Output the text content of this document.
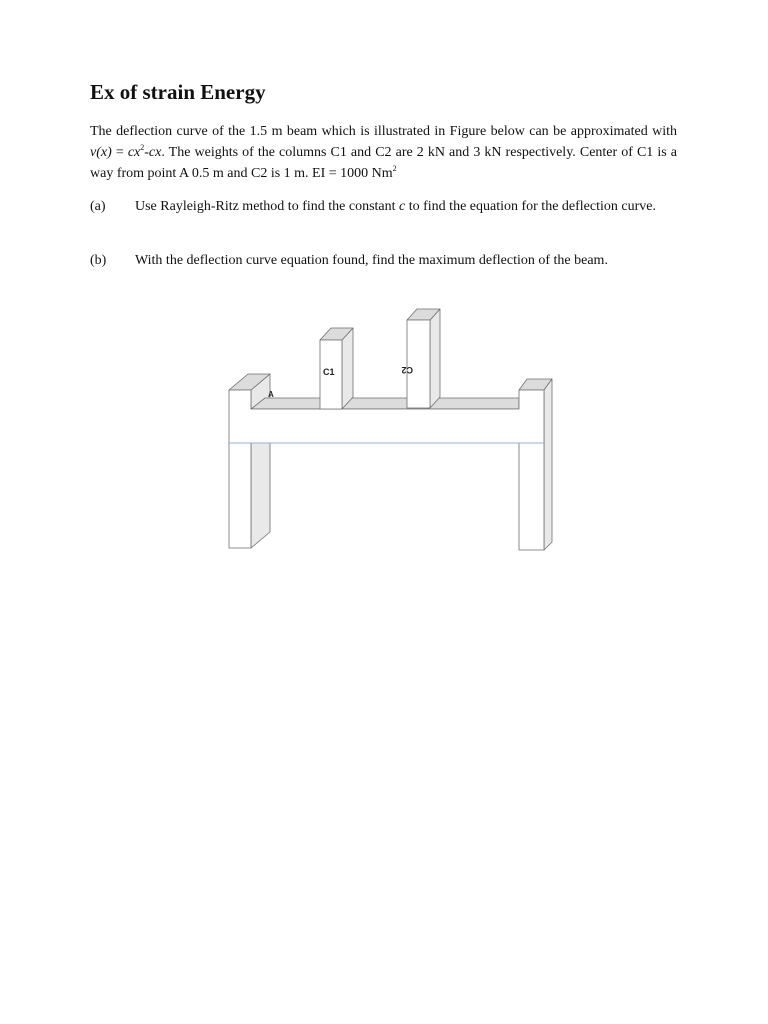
Ex of strain Energy

The deflection curve of the 1.5 m beam which is illustrated in Figure below can be approximated with $v(x) = cx^2-cx$. The weights of the columns C1 and C2 are 2 kN and 3 kN respectively. Center of C1 is a way from point A 0.5 m and C2 is 1 m. EI = 1000 Nm$^2$

(a) Use Rayleigh-Ritz method to find the constant c to find the equation for the deflection curve.
(b) With the deflection curve equation found, find the maximum deflection of the beam.
C1	C2
A
